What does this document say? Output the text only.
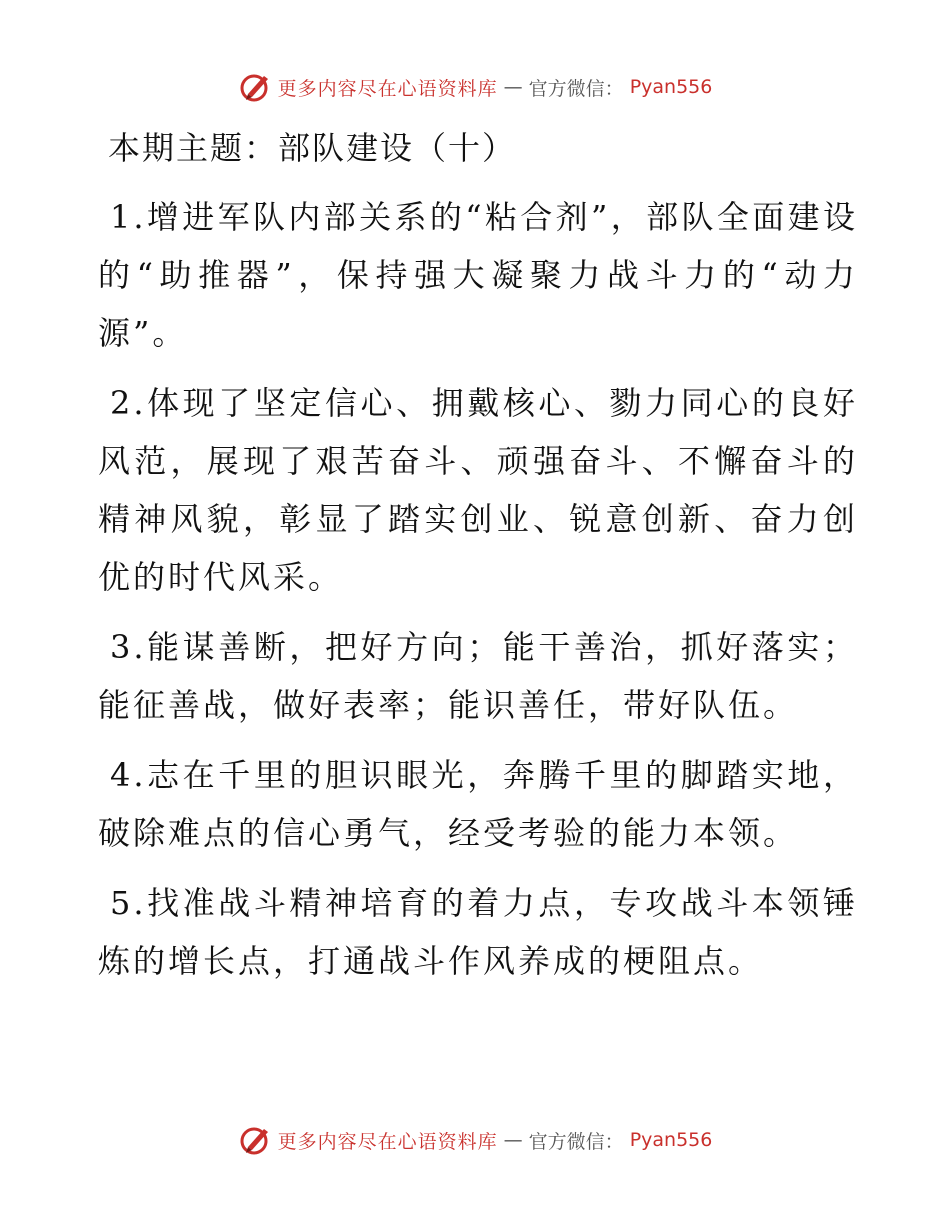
更多内容尽在心语资料库 — 官方微信： Pyan556
本期主题：部队建设（十）

1.增进军队内部关系的“粘合剂”，部队全面建设的“助推器”，保持强大凝聚力战斗力的“动力源”。

2.体现了坚定信心、拥戴核心、勠力同心的良好风范，展现了艰苦奋斗、顽强奋斗、不懈奋斗的精神风貌，彰显了踏实创业、锐意创新、奋力创优的时代风采。

3.能谋善断，把好方向；能干善治，抓好落实；能征善战，做好表率；能识善任，带好队伍。

4.志在千里的胆识眼光，奔腾千里的脚踏实地，破除难点的信心勇气，经受考验的能力本领。

5.找准战斗精神培育的着力点，专攻战斗本领锤炼的增长点，打通战斗作风养成的梗阻点。

更多内容尽在心语资料库 — 官方微信： Pyan556
